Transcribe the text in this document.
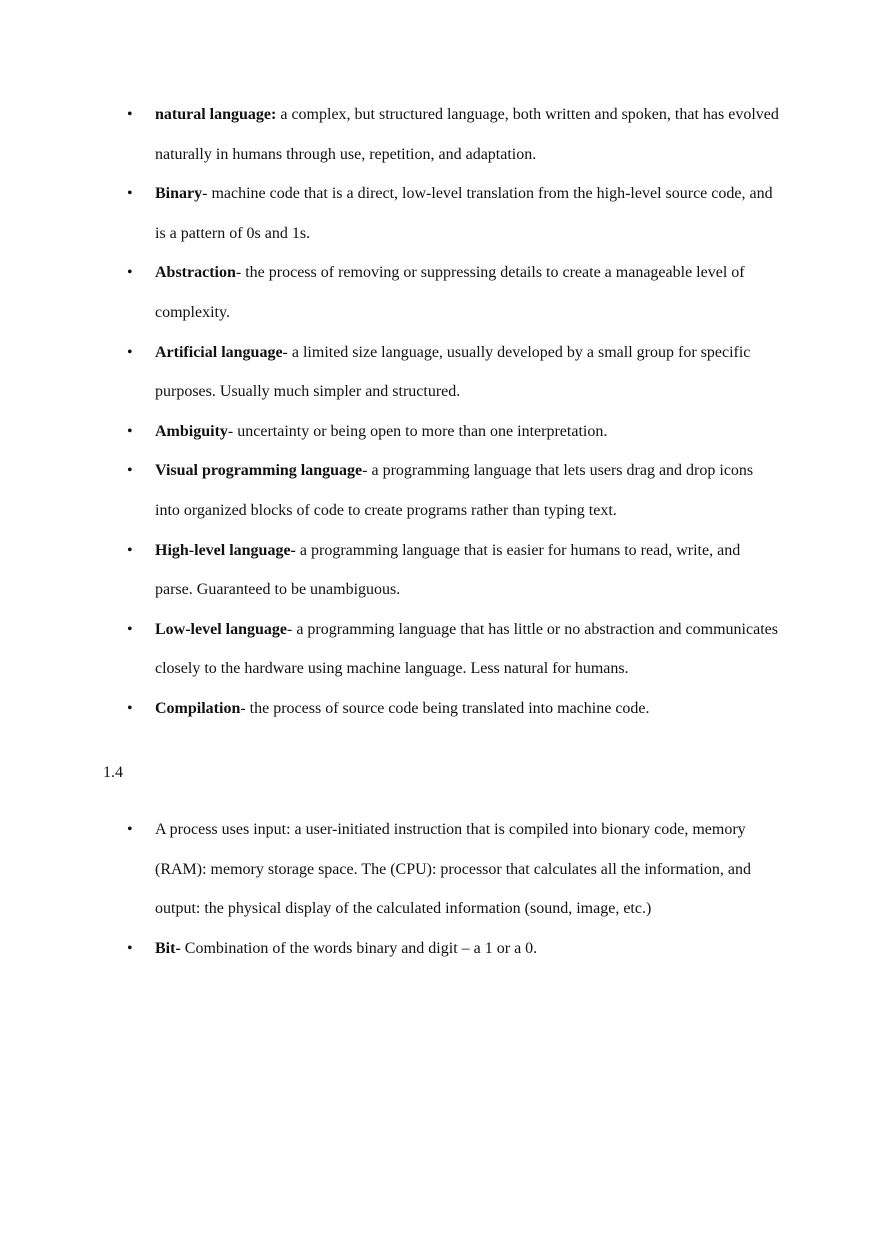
• natural language: a complex, but structured language, both written and spoken, that has evolved naturally in humans through use, repetition, and adaptation.
• Binary- machine code that is a direct, low-level translation from the high-level source code, and is a pattern of 0s and 1s.
• Abstraction- the process of removing or suppressing details to create a manageable level of complexity.
• Artificial language- a limited size language, usually developed by a small group for specific purposes. Usually much simpler and structured.
• Ambiguity- uncertainty or being open to more than one interpretation.
• Visual programming language- a programming language that lets users drag and drop icons into organized blocks of code to create programs rather than typing text.
• High-level language- a programming language that is easier for humans to read, write, and parse. Guaranteed to be unambiguous.
• Low-level language- a programming language that has little or no abstraction and communicates closely to the hardware using machine language. Less natural for humans.
• Compilation- the process of source code being translated into machine code.
1.4
• A process uses input: a user-initiated instruction that is compiled into bionary code, memory (RAM): memory storage space. The (CPU): processor that calculates all the information, and output: the physical display of the calculated information (sound, image, etc.)
• Bit- Combination of the words binary and digit – a 1 or a 0.
